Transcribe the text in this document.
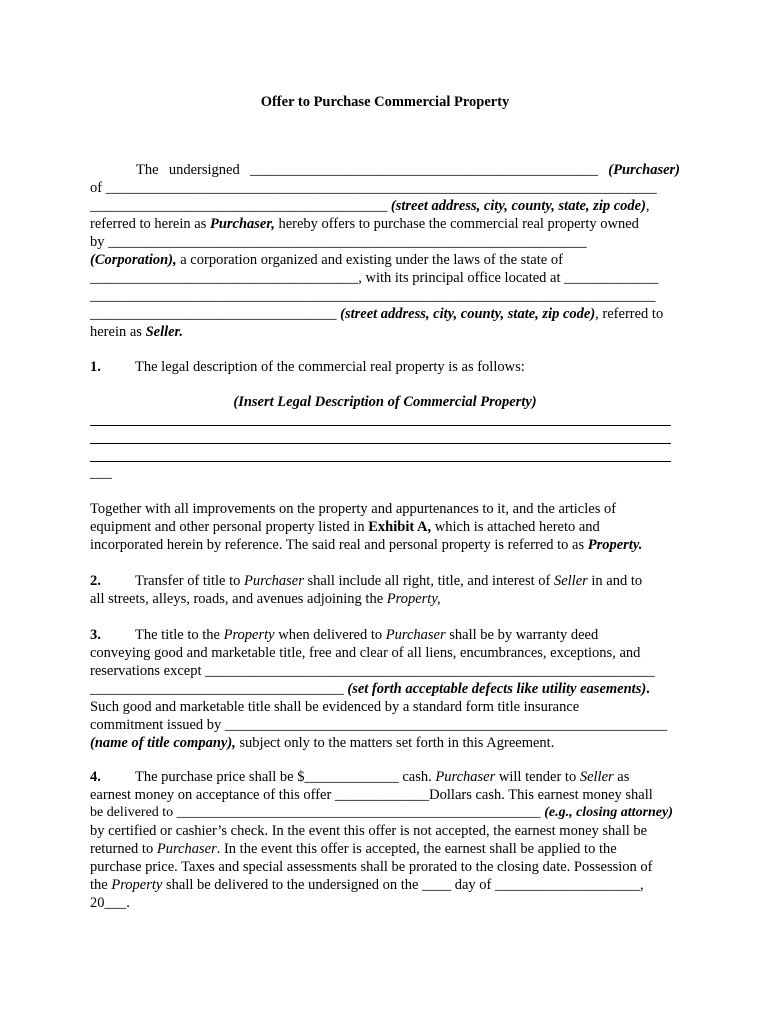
Offer to Purchase Commercial Property
The undersigned ________________________________________________ (Purchaser)
of ____________________________________________________________________________
_________________________________________ (street address, city, county, state, zip code),
referred to herein as Purchaser, hereby offers to purchase the commercial real property owned
by __________________________________________________________________
(Corporation), a corporation organized and existing under the laws of the state of
_____________________________________, with its principal office located at _____________
______________________________________________________________________________
__________________________________ (street address, city, county, state, zip code), referred to
herein as Seller.
1. The legal description of the commercial real property is as follows:
(Insert Legal Description of Commercial Property)
___
Together with all improvements on the property and appurtenances to it, and the articles of
equipment and other personal property listed in Exhibit A, which is attached hereto and
incorporated herein by reference. The said real and personal property is referred to as Property.
2. Transfer of title to Purchaser shall include all right, title, and interest of Seller in and to
all streets, alleys, roads, and avenues adjoining the Property,
3. The title to the Property when delivered to Purchaser shall be by warranty deed
conveying good and marketable title, free and clear of all liens, encumbrances, exceptions, and
reservations except ______________________________________________________________
___________________________________ (set forth acceptable defects like utility easements).
Such good and marketable title shall be evidenced by a standard form title insurance
commitment issued by _____________________________________________________________
(name of title company), subject only to the matters set forth in this Agreement.
4. The purchase price shall be $_____________ cash. Purchaser will tender to Seller as
earnest money on acceptance of this offer _____________Dollars cash. This earnest money shall
be delivered to ____________________________________________________ (e.g., closing attorney)
by certified or cashier’s check. In the event this offer is not accepted, the earnest money shall be
returned to Purchaser. In the event this offer is accepted, the earnest shall be applied to the
purchase price. Taxes and special assessments shall be prorated to the closing date. Possession of
the Property shall be delivered to the undersigned on the ____ day of ____________________,
20___.
